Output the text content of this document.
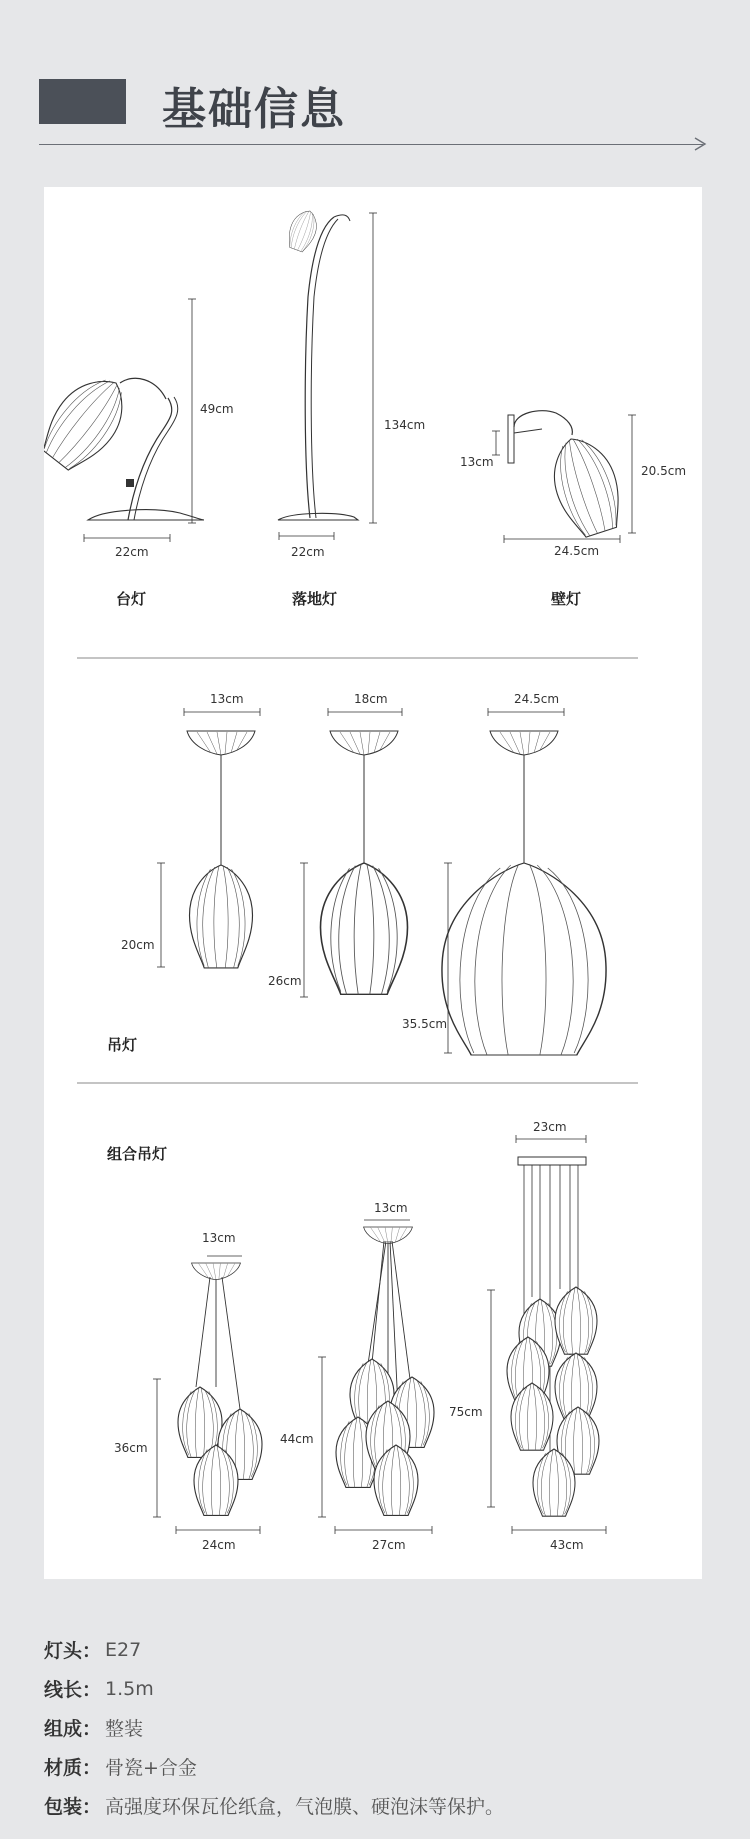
基础信息
49cm
22cm
台灯
134cm
22cm
落地灯
13cm
20.5cm
24.5cm
壁灯
13cm
20cm
18cm
26cm
24.5cm
35.5cm
吊灯
组合吊灯
13cm
36cm
24cm
13cm
44cm
27cm
23cm
75cm
43cm
灯头： E27
线长： 1.5m
组成： 整装
材质： 骨瓷+合金
包装： 高强度环保瓦伦纸盒，气泡膜、硬泡沫等保护。
